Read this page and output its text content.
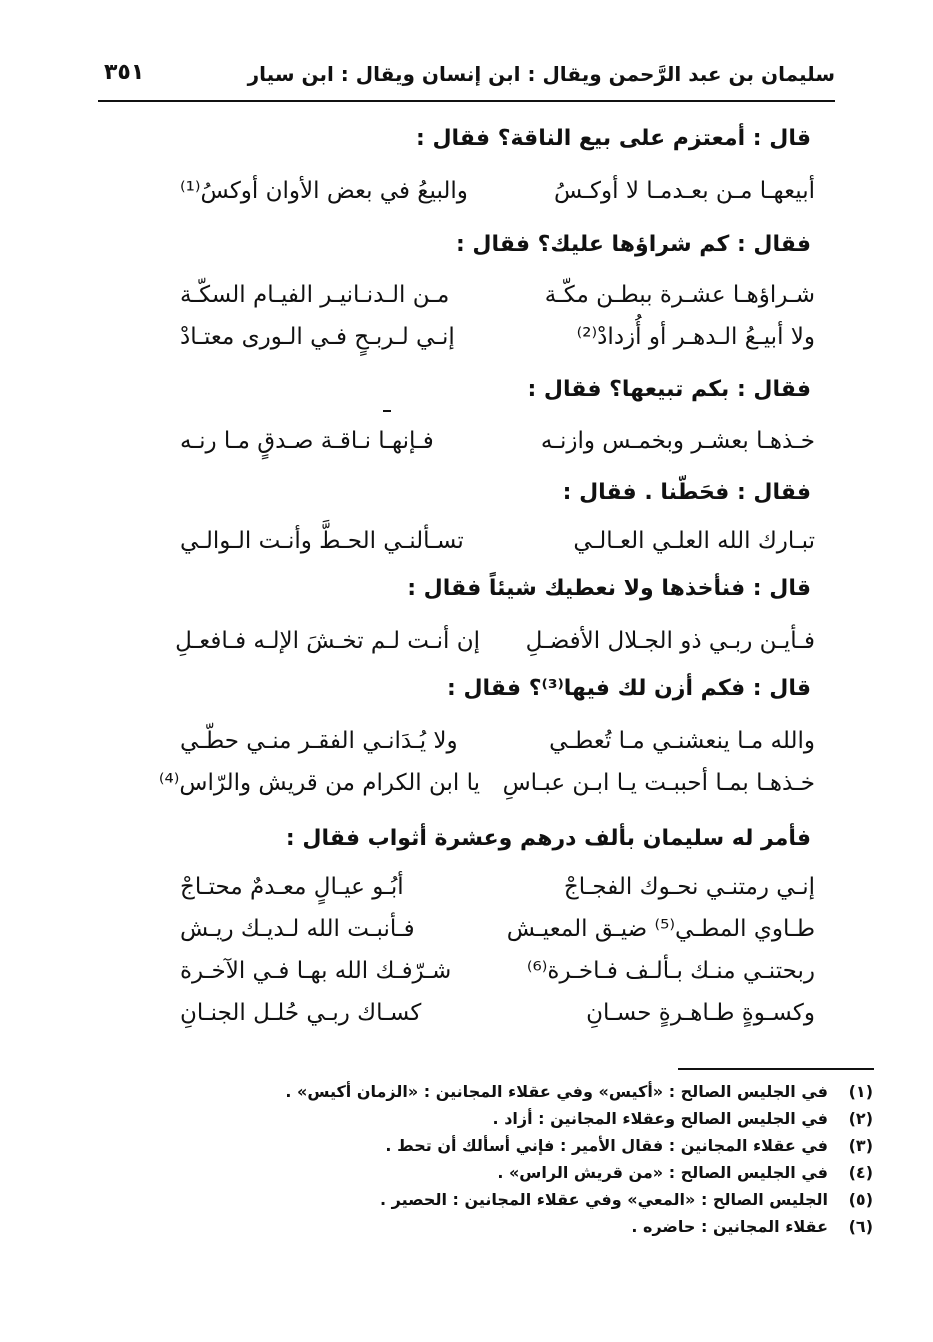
سليمان بن عبد الرَّحمن ويقال : ابن إنسان ويقال : ابن سيار
٣٥١
قال : أمعتزم على بيع الناقة؟ فقال :
أبيعهـا مـن بعـدمـا لا أوكـسُ
والبيعُ في بعض الأوان أوكسُ⁽¹⁾
فقال : كم شراؤها عليك؟ فقال :
شـراؤهـا عشـرة ببطـن مكّـة
مـن الـدنـانيـر الفيـام السكّـة
ولا أبيـعُ الـدهـر أو أُزدادْ⁽²⁾
إنـي لـربـحٍ فـي الـورى معتـادْ
فقال : بكم تبيعها؟ فقال :
خـذهـا بعشـر وبخمـس وازنـه
فـإنهـا نـاقـة صـدقٍ مـا رنـه
فقال : فحَطّنا . فقال :
تبـارك الله العلـي العـالـي
تسـألنـي الحـطَّ وأنـت الـوالـي
قال : فنأخذها ولا نعطيك شيئاً فقال :
فـأيـن ربـي ذو الجـلال الأفضـلِ
إن أنـت لـم تخـشَ الإلـه فـافعـلِ
قال : فكم أزن لك فيها⁽³⁾؟ فقال :
والله مـا ينعشنـي مـا تُعطـي
ولا يُـدَانـي الفقـر منـي حطّـي
خـذهـا بمـا أحببـت يـا ابـن عبـاسِ
يا ابن الكرام من قريش والرّاس⁽⁴⁾
فأمر له سليمان بألف درهم وعشرة أثواب فقال :
إنـي رمتنـي نحـوك الفجـاجْ
أبُـو عيـالٍ معـدمٌ محتـاجْ
طـاوي المطـي⁽⁵⁾ ضيـق المعيـش
فـأنبـت الله لـديـك ريـش
ربحتنـي منـك بـألـف فـاخـرة⁽⁶⁾
شـرّفـك الله بهـا فـي الآخـرة
وكسـوةٍ طـاهـرةٍ حسـانِ
كسـاك ربـي حُلـل الجنـانِ
(١)
في الجليس الصالح : «أكيس» وفي عقلاء المجانين : «الزمان أكيس» .
(٢)
في الجليس الصالح وعقلاء المجانين : أزاد .
(٣)
في عقلاء المجانين : فقال الأمير : فإني أسألك أن تحط .
(٤)
في الجليس الصالح : «من قريش الراس» .
(٥)
الجليس الصالح : «المعي» وفي عقلاء المجانين : الحصير .
(٦)
عقلاء المجانين : حاضره .
